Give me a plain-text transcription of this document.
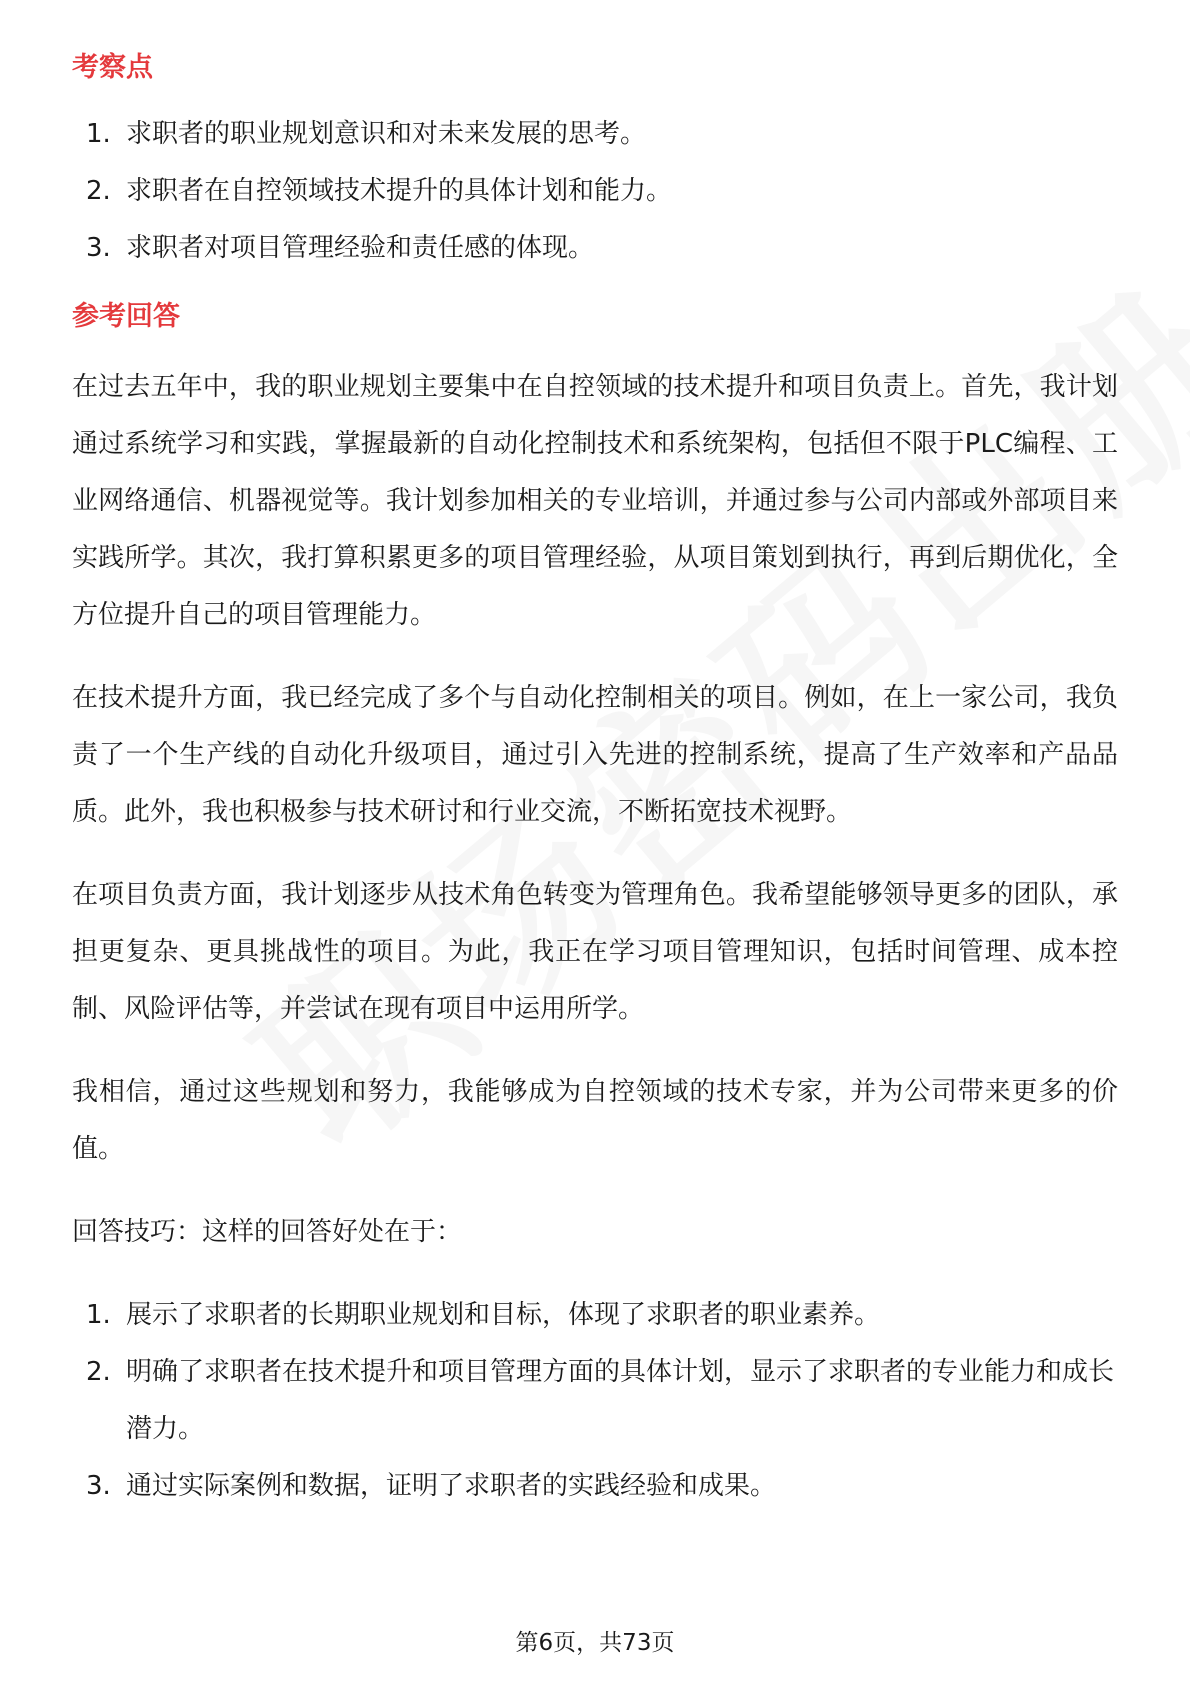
考察点
1. 求职者的职业规划意识和对未来发展的思考。
2. 求职者在自控领域技术提升的具体计划和能力。
3. 求职者对项目管理经验和责任感的体现。
参考回答

在过去五年中，我的职业规划主要集中在自控领域的技术提升和项目负责上。首先，我计划通过系统学习和实践，掌握最新的自动化控制技术和系统架构，包括但不限于PLC编程、工业网络通信、机器视觉等。我计划参加相关的专业培训，并通过参与公司内部或外部项目来实践所学。其次，我打算积累更多的项目管理经验，从项目策划到执行，再到后期优化，全方位提升自己的项目管理能力。

在技术提升方面，我已经完成了多个与自动化控制相关的项目。例如，在上一家公司，我负责了一个生产线的自动化升级项目，通过引入先进的控制系统，提高了生产效率和产品品质。此外，我也积极参与技术研讨和行业交流，不断拓宽技术视野。

在项目负责方面，我计划逐步从技术角色转变为管理角色。我希望能够领导更多的团队，承担更复杂、更具挑战性的项目。为此，我正在学习项目管理知识，包括时间管理、成本控制、风险评估等，并尝试在现有项目中运用所学。

我相信，通过这些规划和努力，我能够成为自控领域的技术专家，并为公司带来更多的价值。

回答技巧：这样的回答好处在于：

1. 展示了求职者的长期职业规划和目标，体现了求职者的职业素养。
2. 明确了求职者在技术提升和项目管理方面的具体计划，显示了求职者的专业能力和成长潜力。
3. 通过实际案例和数据，证明了求职者的实践经验和成果。
第6页，共73页
